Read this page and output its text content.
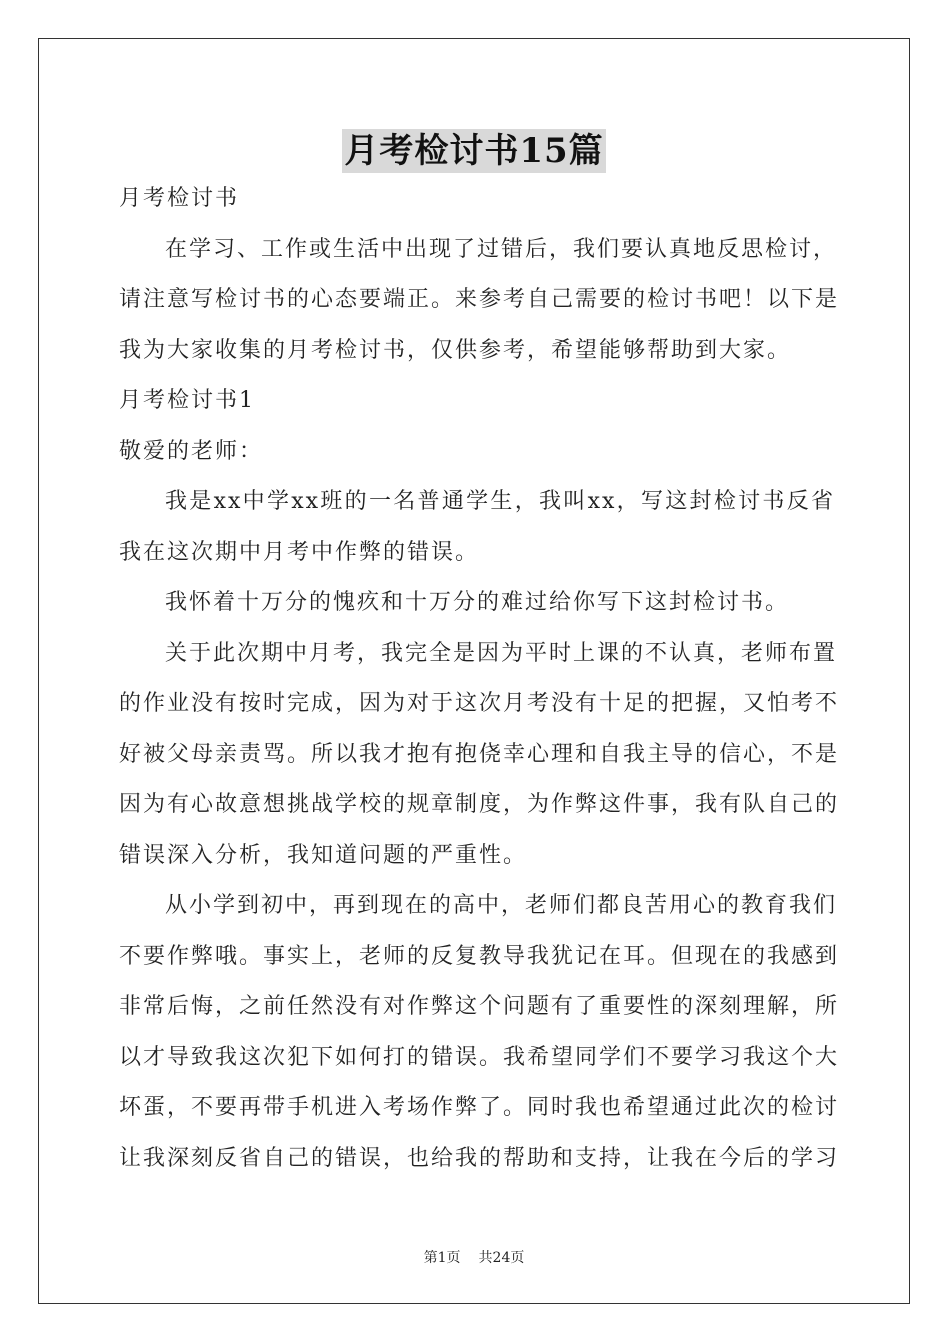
月考检讨书15篇
月考检讨书
在学习、工作或生活中出现了过错后，我们要认真地反思检讨，
请注意写检讨书的心态要端正。来参考自己需要的检讨书吧！以下是
我为大家收集的月考检讨书，仅供参考，希望能够帮助到大家。
月考检讨书1
敬爱的老师：
我是xx中学xx班的一名普通学生，我叫xx，写这封检讨书反省
我在这次期中月考中作弊的错误。
我怀着十万分的愧疚和十万分的难过给你写下这封检讨书。
关于此次期中月考，我完全是因为平时上课的不认真，老师布置
的作业没有按时完成，因为对于这次月考没有十足的把握，又怕考不
好被父母亲责骂。所以我才抱有抱侥幸心理和自我主导的信心，不是
因为有心故意想挑战学校的规章制度，为作弊这件事，我有队自己的
错误深入分析，我知道问题的严重性。
从小学到初中，再到现在的高中，老师们都良苦用心的教育我们
不要作弊哦。事实上，老师的反复教导我犹记在耳。但现在的我感到
非常后悔，之前任然没有对作弊这个问题有了重要性的深刻理解，所
以才导致我这次犯下如何打的错误。我希望同学们不要学习我这个大
坏蛋，不要再带手机进入考场作弊了。同时我也希望通过此次的检讨
让我深刻反省自己的错误，也给我的帮助和支持，让我在今后的学习
第1页 共24页
